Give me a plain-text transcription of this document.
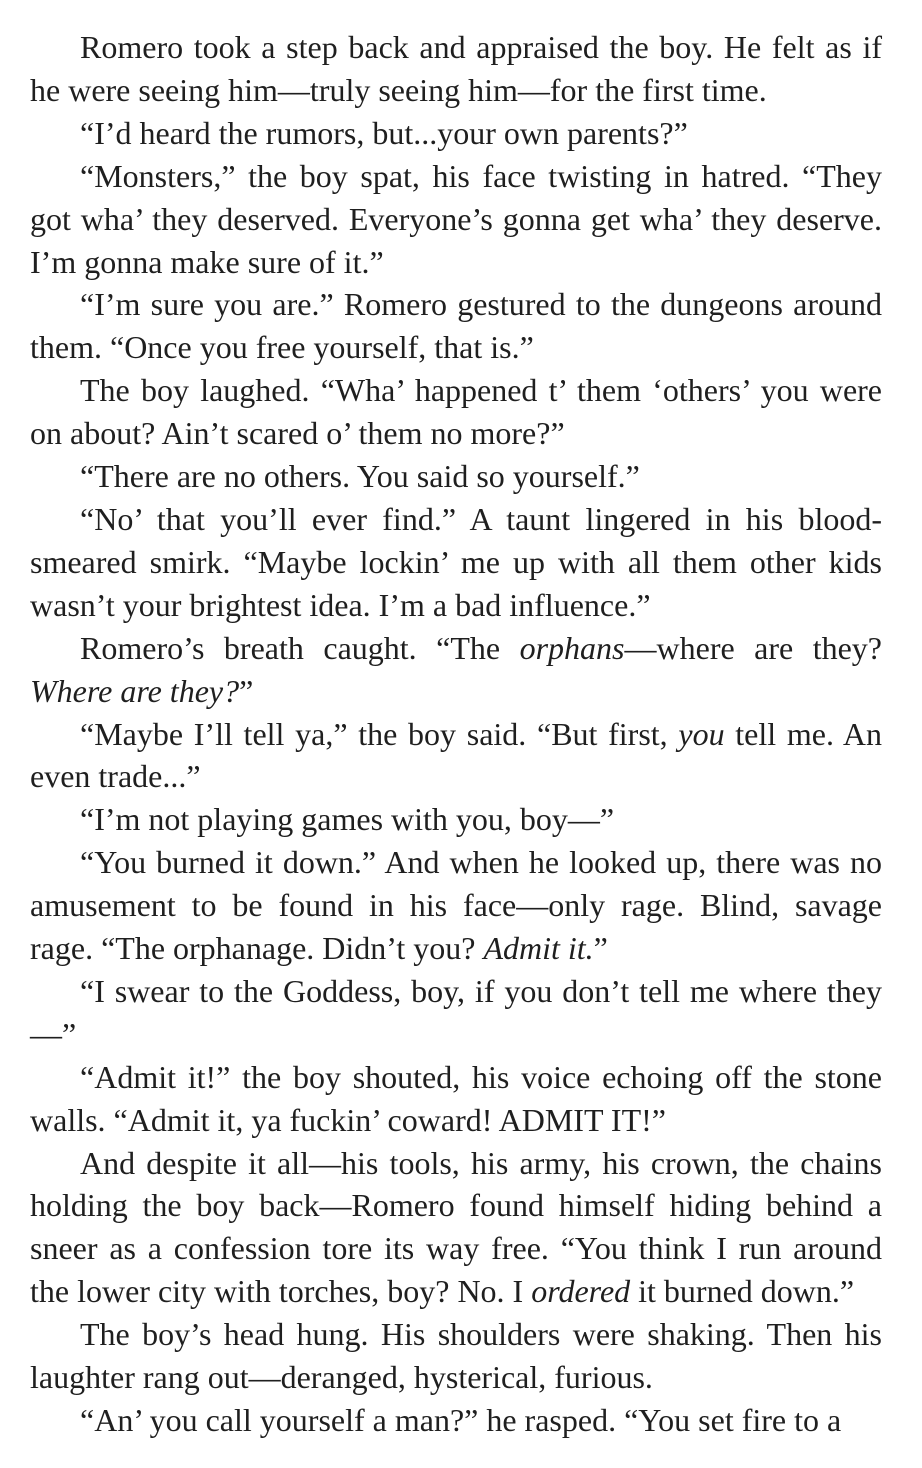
Romero took a step back and appraised the boy. He felt as if he were seeing him—truly seeing him—for the first time.

“I’d heard the rumors, but...your own parents?”

“Monsters,” the boy spat, his face twisting in hatred. “They got wha’ they deserved. Everyone’s gonna get wha’ they deserve. I’m gonna make sure of it.”

“I’m sure you are.” Romero gestured to the dungeons around them. “Once you free yourself, that is.”

The boy laughed. “Wha’ happened t’ them ‘others’ you were on about? Ain’t scared o’ them no more?”

“There are no others. You said so yourself.”

“No’ that you’ll ever find.” A taunt lingered in his blood-smeared smirk. “Maybe lockin’ me up with all them other kids wasn’t your brightest idea. I’m a bad influence.”

Romero’s breath caught. “The orphans—where are they? Where are they?”

“Maybe I’ll tell ya,” the boy said. “But first, you tell me. An even trade...”

“I’m not playing games with you, boy—”

“You burned it down.” And when he looked up, there was no amusement to be found in his face—only rage. Blind, savage rage. “The orphanage. Didn’t you? Admit it.”

“I swear to the Goddess, boy, if you don’t tell me where they—”

“Admit it!” the boy shouted, his voice echoing off the stone walls. “Admit it, ya fuckin’ coward! ADMIT IT!”

And despite it all—his tools, his army, his crown, the chains holding the boy back—Romero found himself hiding behind a sneer as a confession tore its way free. “You think I run around the lower city with torches, boy? No. I ordered it burned down.”

The boy’s head hung. His shoulders were shaking. Then his laughter rang out—deranged, hysterical, furious.

“An’ you call yourself a man?” he rasped. “You set fire to a
